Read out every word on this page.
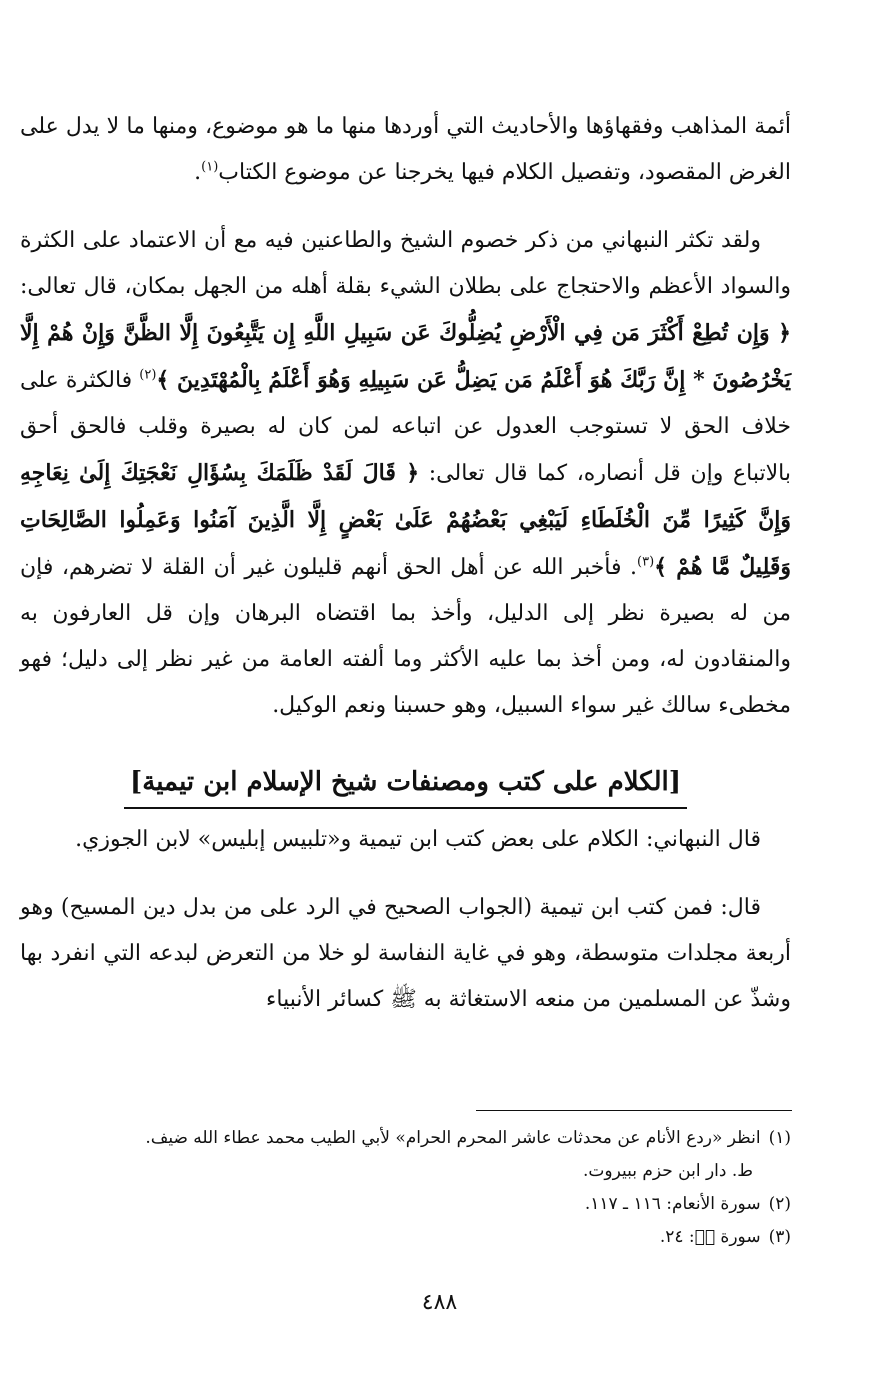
أئمة المذاهب وفقهاؤها والأحاديث التي أوردها منها ما هو موضوع، ومنها ما لا يدل على الغرض المقصود، وتفصيل الكلام فيها يخرجنا عن موضوع الكتاب$^{(١)}$.

ولقد تكثر النبهاني من ذكر خصوم الشيخ والطاعنين فيه مع أن الاعتماد على الكثرة والسواد الأعظم والاحتجاج على بطلان الشيء بقلة أهله من الجهل بمكان، قال تعالى: ﴿ وَإِن تُطِعْ أَكْثَرَ مَن فِي الْأَرْضِ يُضِلُّوكَ عَن سَبِيلِ اللَّهِ إِن يَتَّبِعُونَ إِلَّا الظَّنَّ وَإِنْ هُمْ إِلَّا يَخْرُصُونَ * إِنَّ رَبَّكَ هُوَ أَعْلَمُ مَن يَضِلُّ عَن سَبِيلِهِ وَهُوَ أَعْلَمُ بِالْمُهْتَدِينَ ﴾$^{(٢)}$ فالكثرة على خلاف الحق لا تستوجب العدول عن اتباعه لمن كان له بصيرة وقلب فالحق أحق بالاتباع وإن قل أنصاره، كما قال تعالى: ﴿ قَالَ لَقَدْ ظَلَمَكَ بِسُؤَالِ نَعْجَتِكَ إِلَىٰ نِعَاجِهِ وَإِنَّ كَثِيرًا مِّنَ الْخُلَطَاءِ لَيَبْغِي بَعْضُهُمْ عَلَىٰ بَعْضٍ إِلَّا الَّذِينَ آمَنُوا وَعَمِلُوا الصَّالِحَاتِ وَقَلِيلٌ مَّا هُمْ ﴾$^{(٣)}$. فأخبر الله عن أهل الحق أنهم قليلون غير أن القلة لا تضرهم، فإن من له بصيرة نظر إلى الدليل، وأخذ بما اقتضاه البرهان وإن قل العارفون به والمنقادون له، ومن أخذ بما عليه الأكثر وما ألفته العامة من غير نظر إلى دليل؛ فهو مخطىء سالك غير سواء السبيل، وهو حسبنا ونعم الوكيل.

[الكلام على كتب ومصنفات شيخ الإسلام ابن تيمية]

قال النبهاني: الكلام على بعض كتب ابن تيمية و«تلبيس إبليس» لابن الجوزي.

قال: فمن كتب ابن تيمية (الجواب الصحيح في الرد على من بدل دين المسيح) وهو أربعة مجلدات متوسطة، وهو في غاية النفاسة لو خلا من التعرض لبدعه التي انفرد بها وشذّ عن المسلمين من منعه الاستغاثة به ﷺ كسائر الأنبياء

(١)
انظر «ردع الأنام عن محدثات عاشر المحرم الحرام» لأبي الطيب محمد عطاء الله ضيف.
ط. دار ابن حزم ببيروت.
(٢)
سورة الأنعام: ١١٦ ـ ١١٧.
(٣)
سورة صۤ: ٢٤.
٤٨٨
